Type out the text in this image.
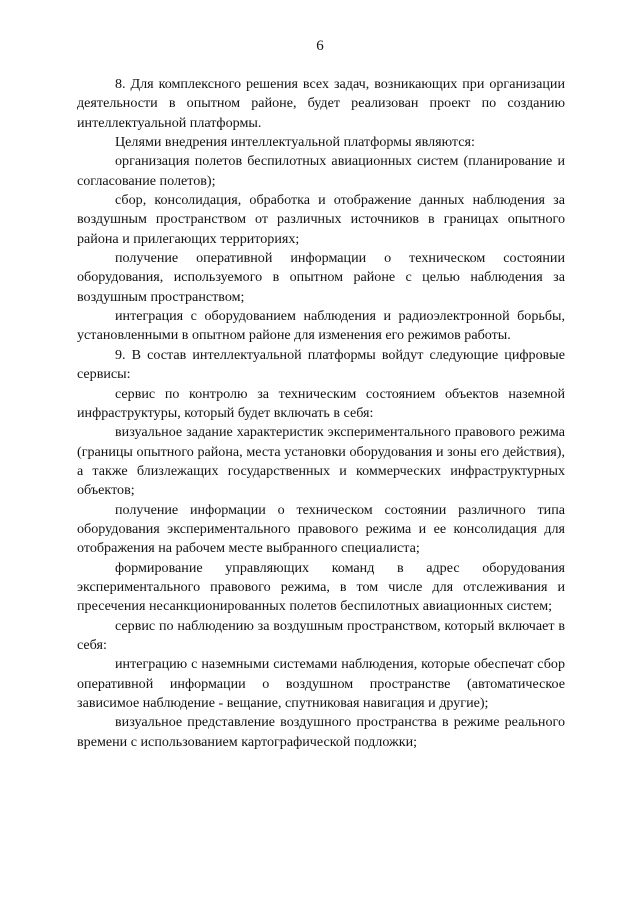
6

8. Для комплексного решения всех задач, возникающих при организации деятельности в опытном районе, будет реализован проект по созданию интеллектуальной платформы.

Целями внедрения интеллектуальной платформы являются:

организация полетов беспилотных авиационных систем (планирование и согласование полетов);

сбор, консолидация, обработка и отображение данных наблюдения за воздушным пространством от различных источников в границах опытного района и прилегающих территориях;

получение оперативной информации о техническом состоянии оборудования, используемого в опытном районе с целью наблюдения за воздушным пространством;

интеграция с оборудованием наблюдения и радиоэлектронной борьбы, установленными в опытном районе для изменения его режимов работы.

9. В состав интеллектуальной платформы войдут следующие цифровые сервисы:

сервис по контролю за техническим состоянием объектов наземной инфраструктуры, который будет включать в себя:

визуальное задание характеристик экспериментального правового режима (границы опытного района, места установки оборудования и зоны его действия), а также близлежащих государственных и коммерческих инфраструктурных объектов;

получение информации о техническом состоянии различного типа оборудования экспериментального правового режима и ее консолидация для отображения на рабочем месте выбранного специалиста;

формирование управляющих команд в адрес оборудования экспериментального правового режима, в том числе для отслеживания и пресечения несанкционированных полетов беспилотных авиационных систем;

сервис по наблюдению за воздушным пространством, который включает в себя:

интеграцию с наземными системами наблюдения, которые обеспечат сбор оперативной информации о воздушном пространстве (автоматическое зависимое наблюдение - вещание, спутниковая навигация и другие);

визуальное представление воздушного пространства в режиме реального времени с использованием картографической подложки;
